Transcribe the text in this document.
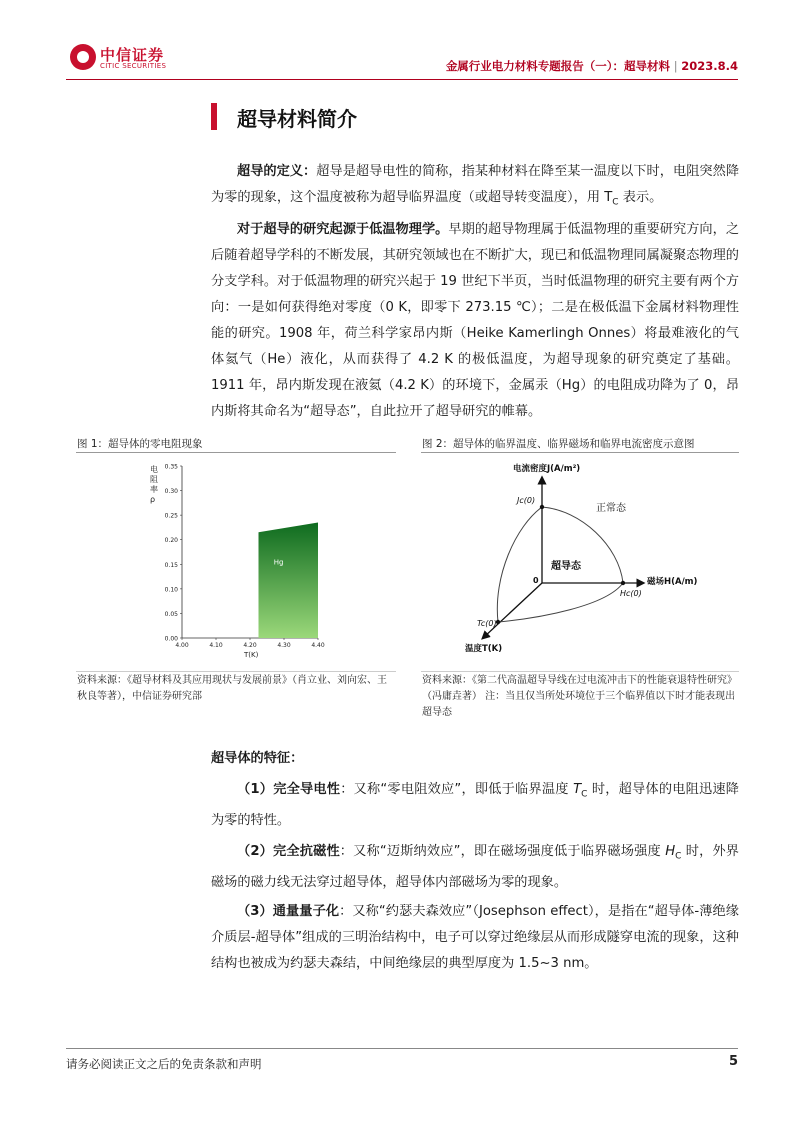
中信证券
CITIC SECURITIES	金属行业电力材料专题报告（一）：超导材料 | 2023.8.4
超导材料简介
超导的定义：超导是超导电性的简称，指某种材料在降至某一温度以下时，电阻突然降为零的现象，这个温度被称为超导临界温度（或超导转变温度），用 $T_C$ 表示。
对于超导的研究起源于低温物理学。早期的超导物理属于低温物理的重要研究方向，之后随着超导学科的不断发展，其研究领域也在不断扩大，现已和低温物理同属凝聚态物理的分支学科。对于低温物理的研究兴起于 19 世纪下半页，当时低温物理的研究主要有两个方向：一是如何获得绝对零度（0 K，即零下 273.15 ℃）；二是在极低温下金属材料物理性能的研究。1908 年，荷兰科学家昂内斯（Heike Kamerlingh Onnes）将最难液化的气体氦气（He）液化，从而获得了 4.2 K 的极低温度，为超导现象的研究奠定了基础。1911 年，昂内斯发现在液氦（4.2 K）的环境下，金属汞（Hg）的电阻成功降为了 0，昂内斯将其命名为“超导态”，自此拉开了超导研究的帷幕。
图 1：超导体的零电阻现象
电
阻
率
ρ
0.00
0.05
0.10
0.15
0.20
0.25
0.30
0.35
4.00	4.10	4.20	4.30	4.40
Hg
T(K)
资料来源：《超导材料及其应用现状与发展前景》（肖立业、刘向宏、王秋良等著），中信证券研究部
图 2：超导体的临界温度、临界磁场和临界电流密度示意图
电流密度J(A/m²)
Jc(0)
磁场H(A/m)
Hc(0)
温度T(K)
Tc(0)
正常态
超导态
0
资料来源：《第二代高温超导导线在过电流冲击下的性能衰退特性研究》（冯庸垚著） 注：当且仅当所处环境位于三个临界值以下时才能表现出超导态
超导体的特征：
（1）完全导电性：又称“零电阻效应”，即低于临界温度 $T_C$ 时，超导体的电阻迅速降为零的特性。
（2）完全抗磁性：又称“迈斯纳效应”，即在磁场强度低于临界磁场强度 $H_C$ 时，外界磁场的磁力线无法穿过超导体，超导体内部磁场为零的现象。
（3）通量量子化：又称“约瑟夫森效应”（Josephson effect），是指在“超导体-薄绝缘介质层-超导体”组成的三明治结构中，电子可以穿过绝缘层从而形成隧穿电流的现象，这种结构也被成为约瑟夫森结，中间绝缘层的典型厚度为 1.5~3 nm。
请务必阅读正文之后的免责条款和声明	5
